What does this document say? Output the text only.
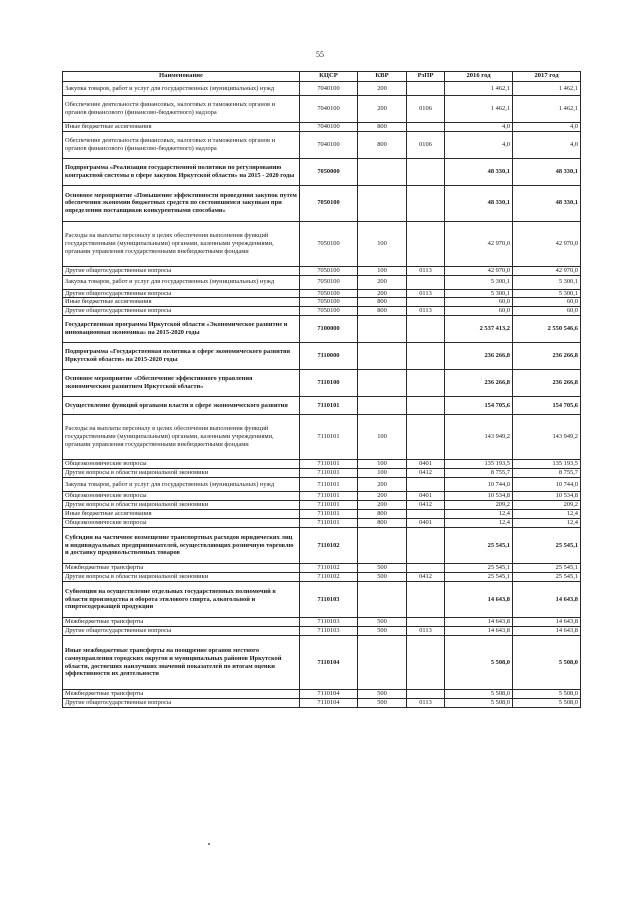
55
Наименование	КЦСР	КВР	РзПР	2016 год	2017 год
Закупка товаров, работ и услуг для государственных (муниципальных) нужд	7040100	200		1 462,1	1 462,1
Обеспечение деятельности финансовых, налоговых и таможенных органов и органов финансового (финансово-бюджетного) надзора	7040100	200	0106	1 462,1	1 462,1
Иные бюджетные ассигнования	7040100	800		4,0	4,0
Обеспечение деятельности финансовых, налоговых и таможенных органов и органов финансового (финансово-бюджетного) надзора	7040100	800	0106	4,0	4,0
Подпрограмма «Реализация государственной политики по регулированию контрактной системы в сфере закупок Иркутской области» на 2015 - 2020 годы	7050000			48 330,1	48 330,1
Основное мероприятие «Повышение эффективности проведения закупок путем обеспечения экономии бюджетных средств по состоявшимся закупкам при определении поставщиков конкурентными способами»	7050100			48 330,1	48 330,1
Расходы на выплаты персоналу в целях обеспечения выполнения функций государственными (муниципальными) органами, казенными учреждениями, органами управления государственными внебюджетными фондами	7050100	100		42 970,0	42 970,0
Другие общегосударственные вопросы	7050100	100	0113	42 970,0	42 970,0
Закупка товаров, работ и услуг для государственных (муниципальных) нужд	7050100	200		5 300,1	5 300,1
Другие общегосударственные вопросы	7050100	200	0113	5 300,1	5 300,1
Иные бюджетные ассигнования	7050100	800		60,0	60,0
Другие общегосударственные вопросы	7050100	800	0113	60,0	60,0
Государственная программа Иркутской области «Экономическое развитие и инновационная экономика» на 2015-2020 годы	7100000			2 537 413,2	2 550 546,6
Подпрограмма «Государственная политика в сфере экономического развития Иркутской области» на 2015-2020 годы	7110000			236 266,8	236 266,8
Основное мероприятие «Обеспечение эффективного управления экономическим развитием Иркутской области»	7110100			236 266,8	236 266,8
Осуществление функций органами власти в сфере экономического развития	7110101			154 705,6	154 705,6
Расходы на выплаты персоналу в целях обеспечения выполнения функций государственными (муниципальными) органами, казенными учреждениями, органами управления государственными внебюджетными фондами	7110101	100		143 949,2	143 949,2
Общеэкономические вопросы	7110101	100	0401	135 193,5	135 193,5
Другие вопросы в области национальной экономики	7110101	100	0412	8 755,7	8 755,7
Закупка товаров, работ и услуг для государственных (муниципальных) нужд	7110101	200		10 744,0	10 744,0
Общеэкономические вопросы	7110101	200	0401	10 534,8	10 534,8
Другие вопросы в области национальной экономики	7110101	200	0412	209,2	209,2
Иные бюджетные ассигнования	7110101	800		12,4	12,4
Общеэкономические вопросы	7110101	800	0401	12,4	12,4
Субсидии на частичное возмещение транспортных расходов юридических лиц и индивидуальных предпринимателей, осуществляющих розничную торговлю и доставку продовольственных товаров	7110102			25 545,1	25 545,1
Межбюджетные трансферты	7110102	500		25 545,1	25 545,1
Другие вопросы в области национальной экономики	7110102	500	0412	25 545,1	25 545,1
Субвенции на осуществление отдельных государственных полномочий в области производства и оборота этилового спирта, алкогольной и спиртосодержащей продукции	7110103			14 643,8	14 643,8
Межбюджетные трансферты	7110103	500		14 643,8	14 643,8
Другие общегосударственные вопросы	7110103	500	0113	14 643,8	14 643,8
Иные межбюджетные трансферты на поощрение органов местного самоуправления городских округов и муниципальных районов Иркутской области, достигших наилучших значений показателей по итогам оценки эффективности их деятельности	7110104			5 508,0	5 508,0
Межбюджетные трансферты	7110104	500		5 508,0	5 508,0
Другие общегосударственные вопросы	7110104	500	0113	5 508,0	5 508,0
